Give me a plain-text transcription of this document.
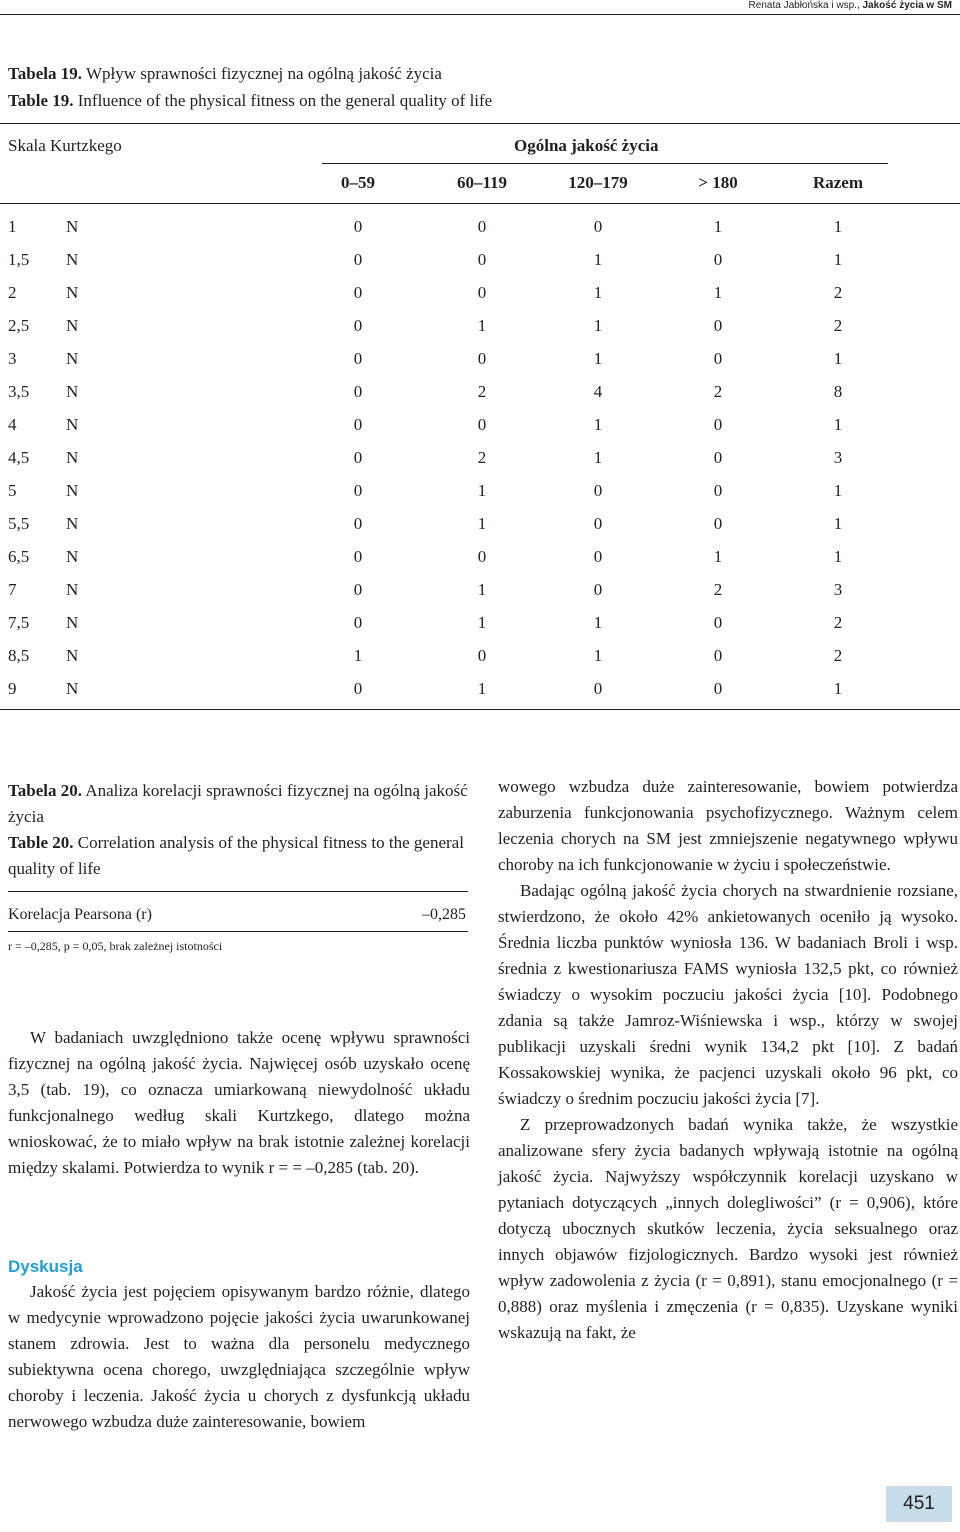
Renata Jabłońska i wsp., Jakość życia w SM
Tabela 19. Wpływ sprawności fizycznej na ogólną jakość życia
Table 19. Influence of the physical fitness on the general quality of life
Skala Kurtzkego	Ogólna jakość życia
0–59	60–119	120–179	> 180	Razem
1	N	0	0	0	1	1
1,5 N	0	0	1	0	1
2	N	0	0	1	1	2
2,5 N	0	1	1	0	2
3	N	0	0	1	0	1
3,5 N	0	2	4	2	8
4	N	0	0	1	0	1
4,5 N	0	2	1	0	3
5	N	0	1	0	0	1
5,5 N	0	1	0	0	1
6,5 N	0	0	0	1	1
7	N	0	1	0	2	3
7,5 N	0	1	1	0	2
8,5 N	1	0	1	0	2
9	N	0	1	0	0	1
Tabela 20. Analiza korelacji sprawności fizycznej na ogólną jakość życia
Table 20. Correlation analysis of the physical fitness to the general quality of life
Korelacja Pearsona (r)	–0,285
r = –0,285, p = 0,05, brak zależnej istotności

W badaniach uwzględniono także ocenę wpływu sprawności fizycznej na ogólną jakość życia. Najwięcej osób uzyskało ocenę 3,5 (tab. 19), co oznacza umiarkowaną niewydolność układu funkcjonalnego według skali Kurtzkego, dlatego można wnioskować, że to miało wpływ na brak istotnie zależnej korelacji między skalami. Potwierdza to wynik r = = –0,285 (tab. 20).

Dyskusja

Jakość życia jest pojęciem opisywanym bardzo różnie, dlatego w medycynie wprowadzono pojęcie jakości życia uwarunkowanej stanem zdrowia. Jest to ważna dla personelu medycznego subiektywna ocena chorego, uwzględniająca szczególnie wpływ choroby i leczenia. Jakość życia u chorych z dysfunkcją układu nerwowego wzbudza duże zainteresowanie, bowiem

wowego wzbudza duże zainteresowanie, bowiem potwierdza zaburzenia funkcjonowania psychofizycznego. Ważnym celem leczenia chorych na SM jest zmniejszenie negatywnego wpływu choroby na ich funkcjonowanie w życiu i społeczeństwie.

Badając ogólną jakość życia chorych na stwardnienie rozsiane, stwierdzono, że około 42% ankietowanych oceniło ją wysoko. Średnia liczba punktów wyniosła 136. W badaniach Broli i wsp. średnia z kwestionariusza FAMS wyniosła 132,5 pkt, co również świadczy o wysokim poczuciu jakości życia [10]. Podobnego zdania są także Jamroz-Wiśniewska i wsp., którzy w swojej publikacji uzyskali średni wynik 134,2 pkt [10]. Z badań Kossakowskiej wynika, że pacjenci uzyskali około 96 pkt, co świadczy o średnim poczuciu jakości życia [7].

Z przeprowadzonych badań wynika także, że wszystkie analizowane sfery życia badanych wpływają istotnie na ogólną jakość życia. Najwyższy współczynnik korelacji uzyskano w pytaniach dotyczących „innych dolegliwości” (r = 0,906), które dotyczą ubocznych skutków leczenia, życia seksualnego oraz innych objawów fizjologicznych. Bardzo wysoki jest również wpływ zadowolenia z życia (r = 0,891), stanu emocjonalnego (r = 0,888) oraz myślenia i zmęczenia (r = 0,835). Uzyskane wyniki wskazują na fakt, że

451
